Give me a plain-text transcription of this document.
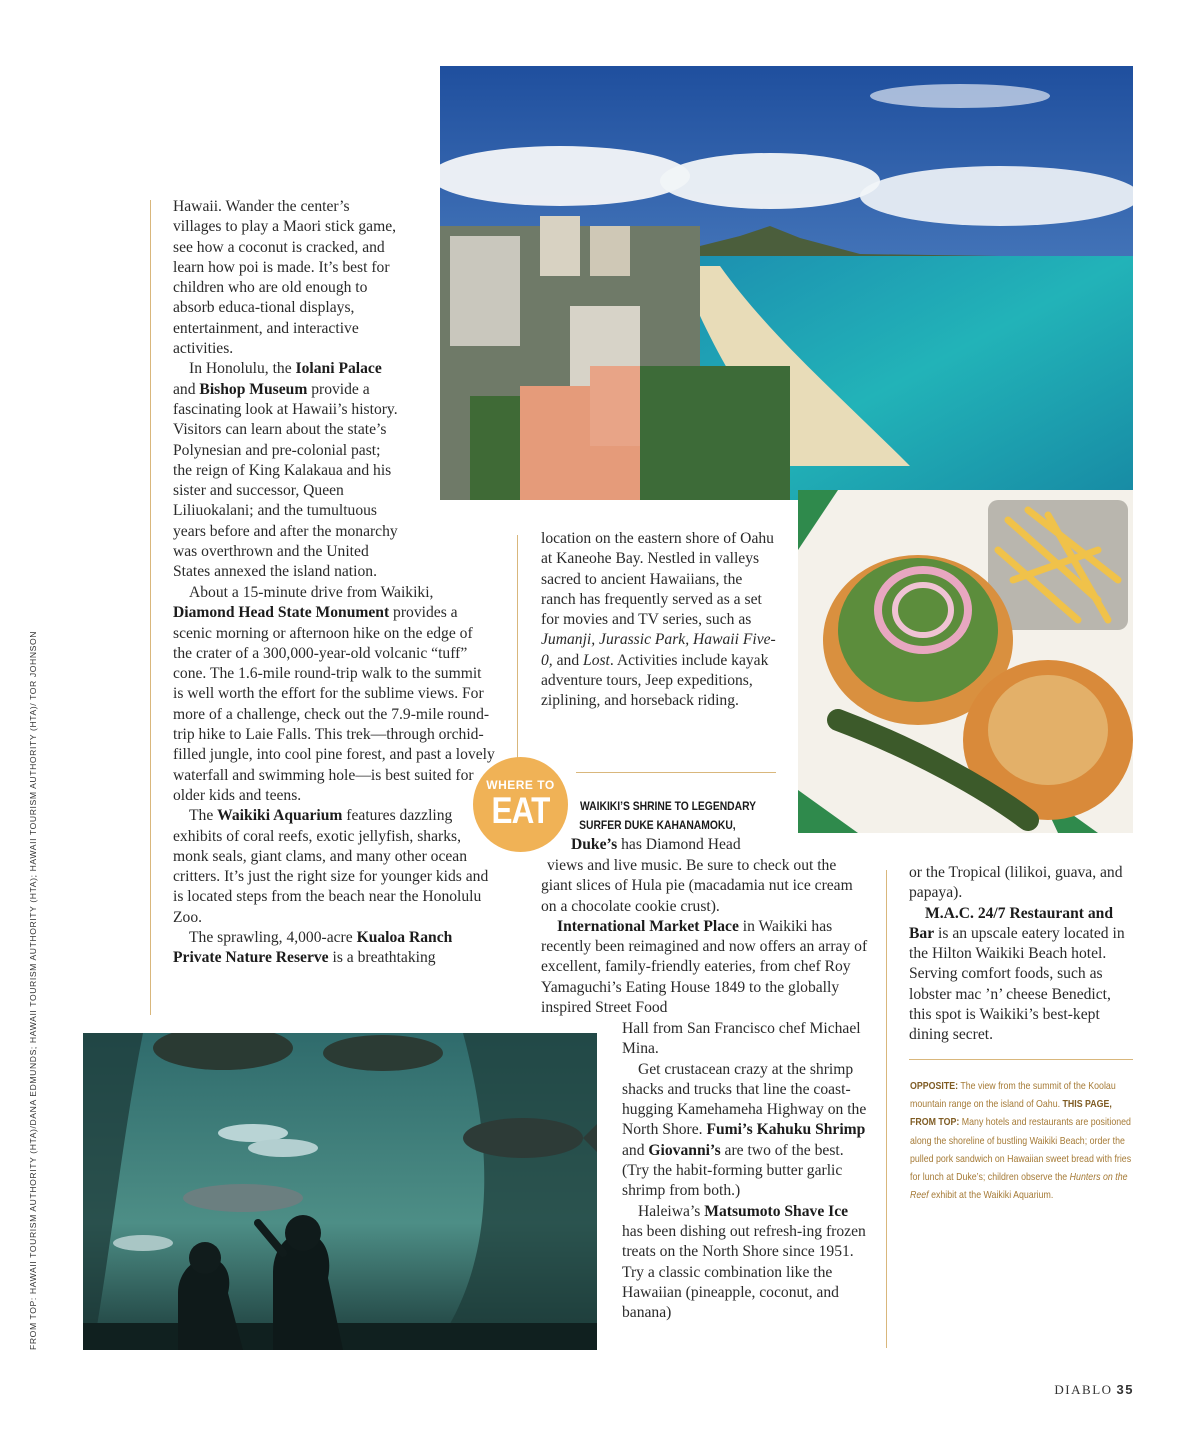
FROM TOP: HAWAII TOURISM AUTHORITY (HTA)/DANA EDMUNDS; HAWAII TOURISM AUTHORITY (HTA); HAWAII TOURISM AUTHORITY (HTA)/ TOR JOHNSON

Hawaii. Wander the center’s villages to play a Maori stick game, see how a coconut is cracked, and learn how poi is made. It’s best for children who are old enough to absorb educa-tional displays, entertainment, and interactive activities.

In Honolulu, the Iolani Palace and Bishop Museum provide a fascinating look at Hawaii’s history. Visitors can learn about the state’s Polynesian and pre-colonial past; the reign of King Kalakaua and his sister and successor, Queen Liliuokalani; and the tumultuous years before and after the monarchy was overthrown and the United States annexed the island nation.

About a 15-minute drive from Waikiki, Diamond Head State Monument provides a scenic morning or afternoon hike on the edge of the crater of a 300,000-year-old volcanic “tuff” cone. The 1.6-mile round-trip walk to the summit is well worth the effort for the sublime views. For more of a challenge, check out the 7.9-mile round-trip hike to Laie Falls. This trek—through orchid-filled jungle, into cool pine forest, and past a lovely waterfall and swimming hole—is best suited for older kids and teens.

The Waikiki Aquarium features dazzling exhibits of coral reefs, exotic jellyfish, sharks, monk seals, giant clams, and many other ocean critters. It’s just the right size for younger kids and is located steps from the beach near the Honolulu Zoo.

The sprawling, 4,000-acre Kualoa Ranch Private Nature Reserve is a breathtaking

location on the eastern shore of Oahu at Kaneohe Bay. Nestled in valleys sacred to ancient Hawaiians, the ranch has frequently served as a set for movies and TV series, such as Jumanji, Jurassic Park, Hawaii Five-0, and Lost. Activities include kayak adventure tours, Jeep expeditions, ziplining, and horseback riding.

WHERE TO
EAT	WAIKIKI’S SHRINE TO LEGENDARY
SURFER DUKE KAHANAMOKU,

Duke’s has Diamond Head

views and live music. Be sure to check out the giant slices of Hula pie (macadamia nut ice cream on a chocolate cookie crust).

International Market Place in Waikiki has recently been reimagined and now offers an array of excellent, family-friendly eateries, from chef Roy Yamaguchi’s Eating House 1849 to the globally inspired Street Food

Hall from San Francisco chef Michael Mina.

Get crustacean crazy at the shrimp shacks and trucks that line the coast-hugging Kamehameha Highway on the North Shore. Fumi’s Kahuku Shrimp and Giovanni’s are two of the best. (Try the habit-forming butter garlic shrimp from both.)

Haleiwa’s Matsumoto Shave Ice has been dishing out refresh-ing frozen treats on the North Shore since 1951. Try a classic combination like the Hawaiian (pineapple, coconut, and banana)

or the Tropical (lilikoi, guava, and papaya).

M.A.C. 24/7 Restaurant and Bar is an upscale eatery located in the Hilton Waikiki Beach hotel. Serving comfort foods, such as lobster mac ’n’ cheese Benedict, this spot is Waikiki’s best-kept dining secret.

OPPOSITE: The view from the summit of the Koolau mountain range on the island of Oahu. THIS PAGE, FROM TOP: Many hotels and restaurants are positioned along the shoreline of bustling Waikiki Beach; order the pulled pork sandwich on Hawaiian sweet bread with fries for lunch at Duke’s; children observe the Hunters on the Reef exhibit at the Waikiki Aquarium.
DIABLO 35
